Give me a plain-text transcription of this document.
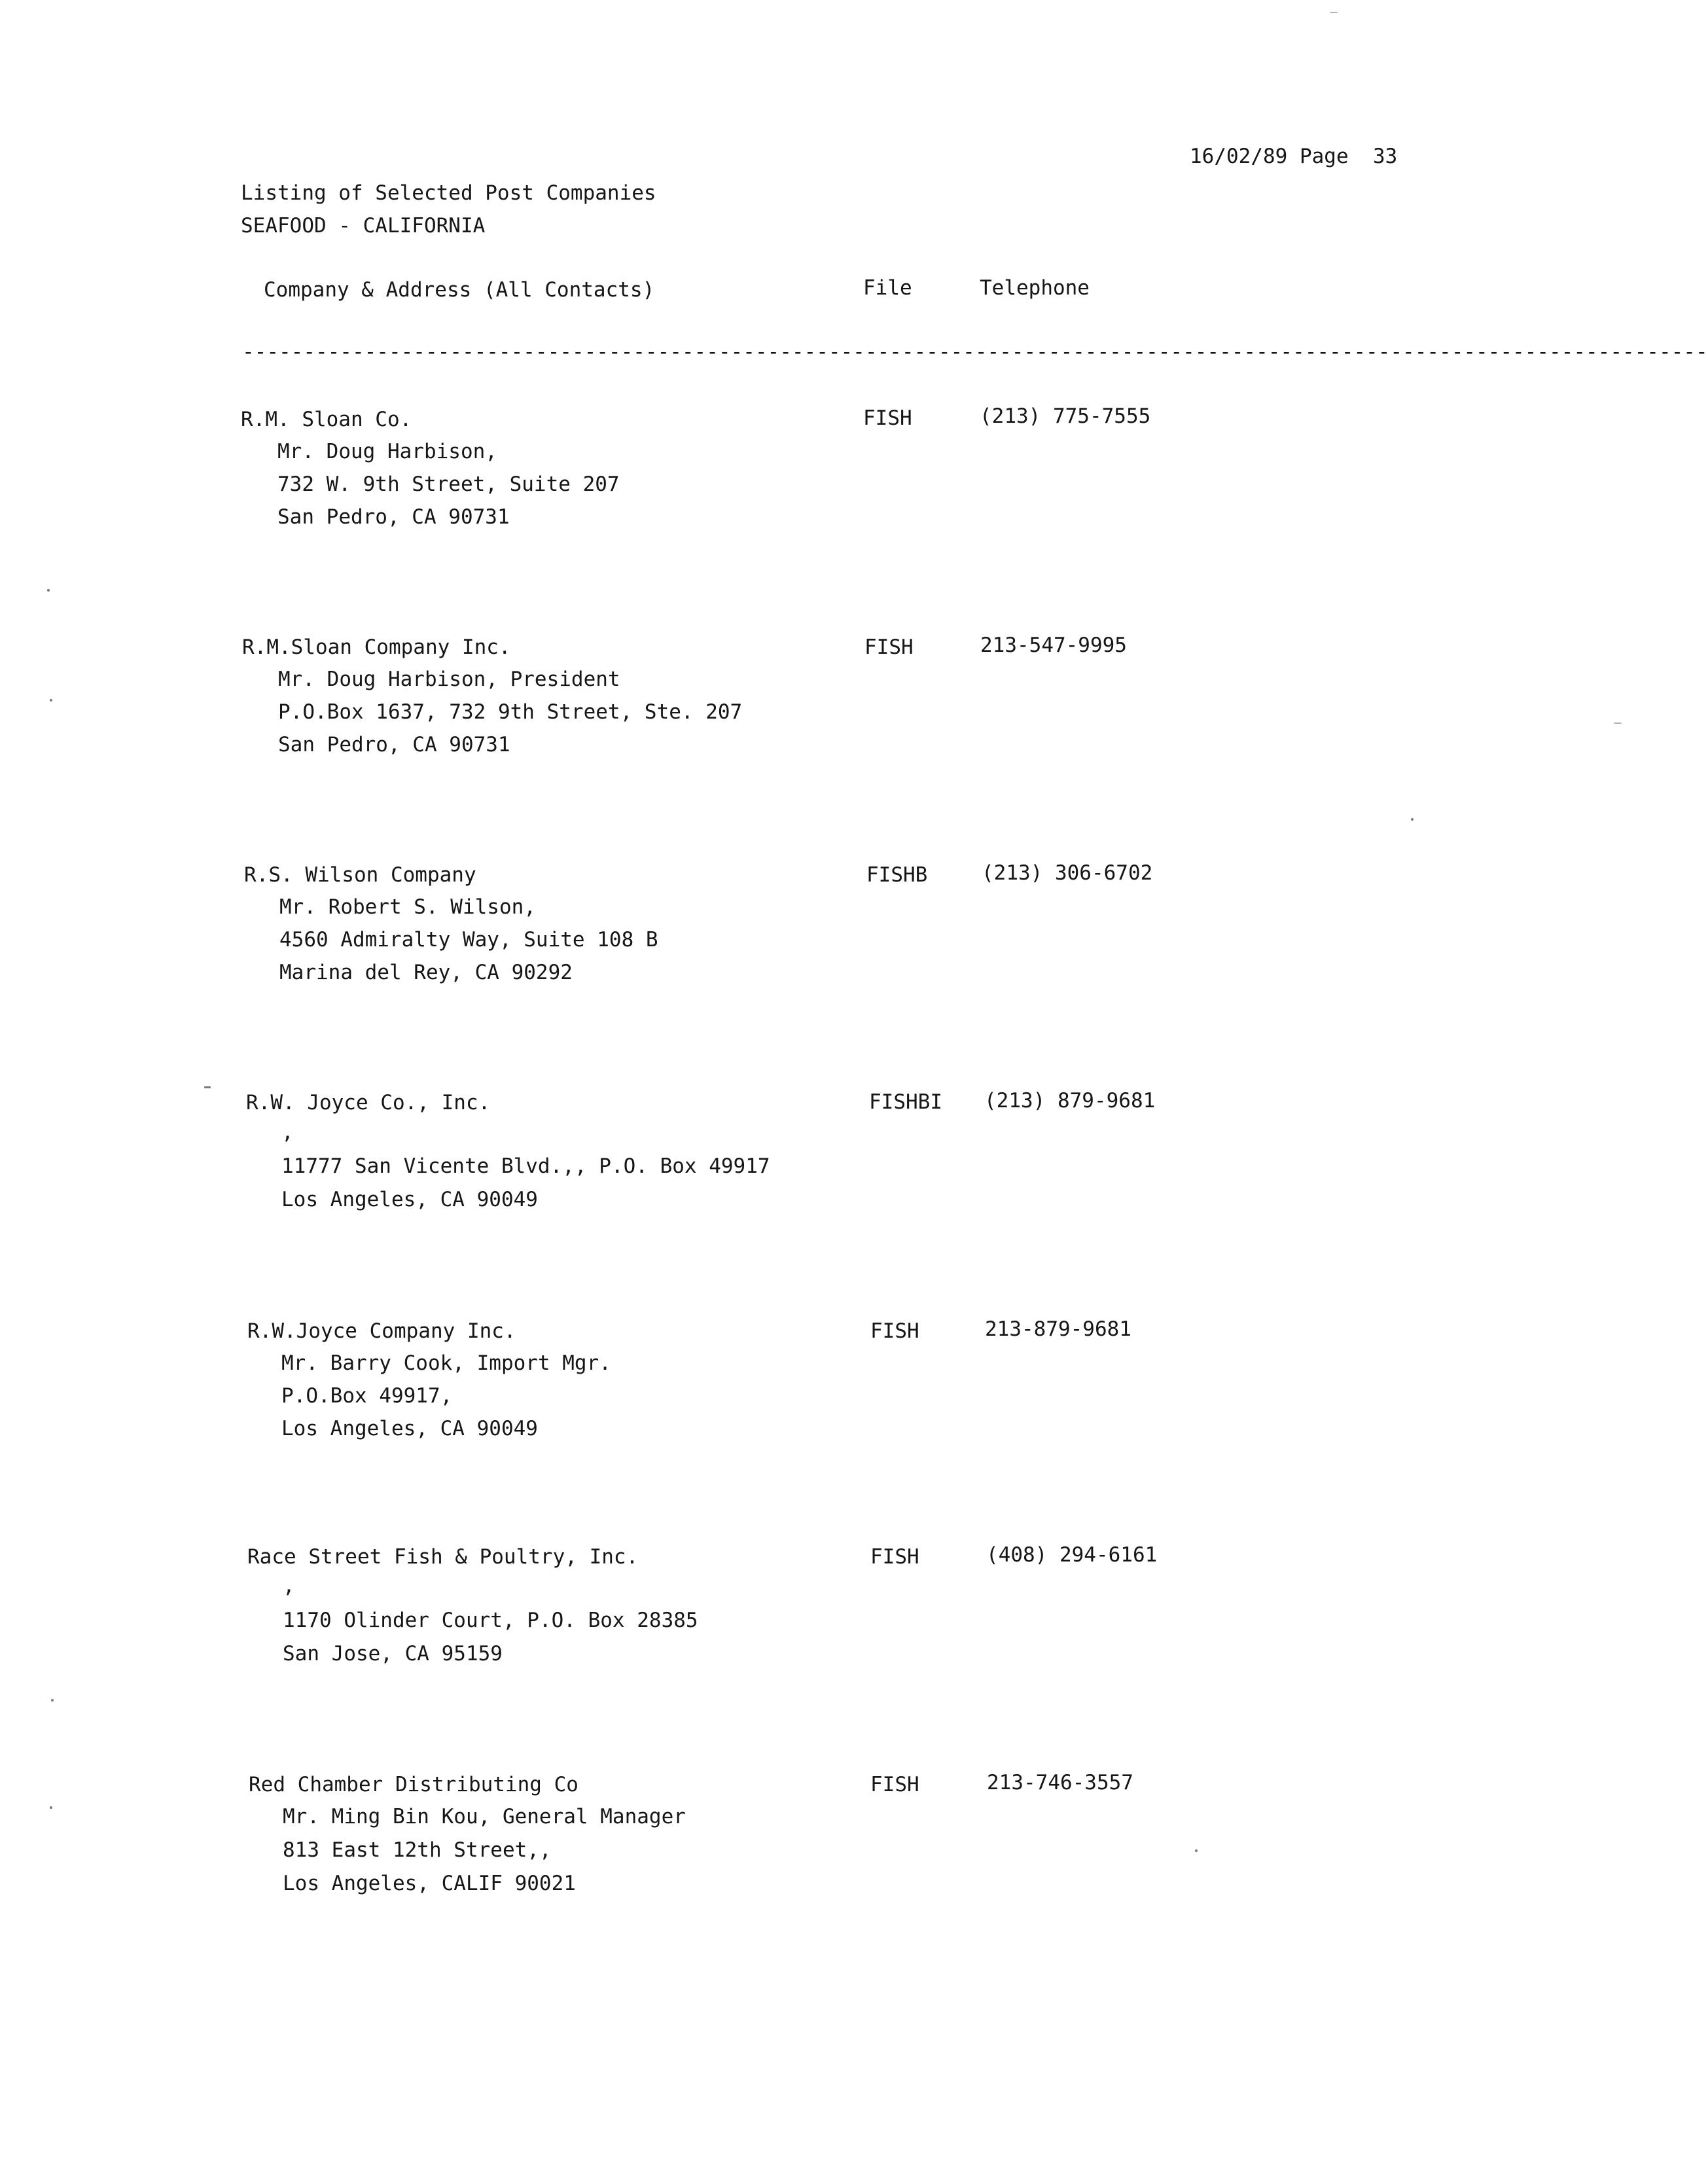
16/02/89 Page  33
Listing of Selected Post Companies
SEAFOOD - CALIFORNIA
Company & Address (All Contacts)	File	Telephone
------------------------------------------------------------------------------------------------------------------------
R.M. Sloan Co.
Mr. Doug Harbison,
732 W. 9th Street, Suite 207
San Pedro, CA 90731
FISH	(213) 775-7555
R.M.Sloan Company Inc.
Mr. Doug Harbison, President
P.O.Box 1637, 732 9th Street, Ste. 207
San Pedro, CA 90731
FISH	213-547-9995
R.S. Wilson Company
Mr. Robert S. Wilson,
4560 Admiralty Way, Suite 108 B
Marina del Rey, CA 90292
FISHB	(213) 306-6702
R.W. Joyce Co., Inc.
,
11777 San Vicente Blvd.,, P.O. Box 49917
Los Angeles, CA 90049
FISHBI (213) 879-9681
R.W.Joyce Company Inc.
Mr. Barry Cook, Import Mgr.
P.O.Box 49917,
Los Angeles, CA 90049
FISH	213-879-9681
Race Street Fish & Poultry, Inc.
,
1170 Olinder Court, P.O. Box 28385
San Jose, CA 95159
FISH	(408) 294-6161
Red Chamber Distributing Co
Mr. Ming Bin Kou, General Manager
813 East 12th Street,,
Los Angeles, CALIF 90021
FISH	213-746-3557
